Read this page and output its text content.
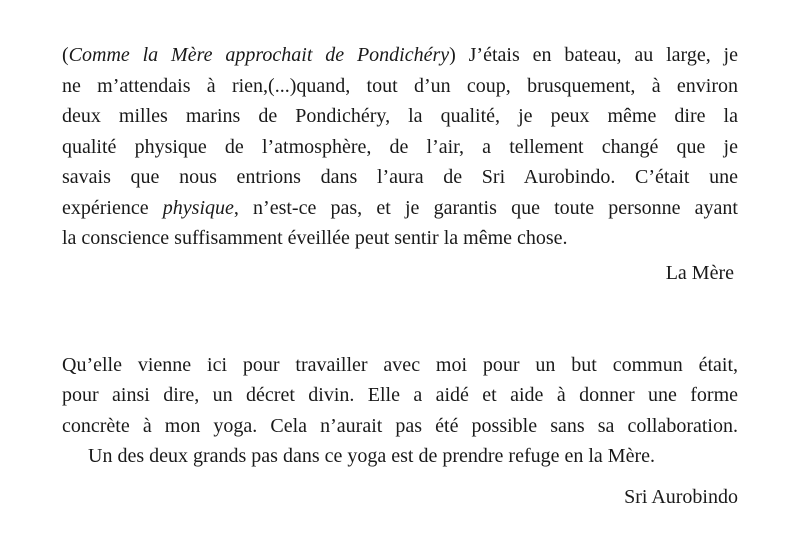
(Comme la Mère approchait de Pondichéry) J’étais en bateau, au large, je
ne m’attendais à rien,(...)quand, tout d’un coup, brusquement, à environ
deux milles marins de Pondichéry, la qualité, je peux même dire la
qualité physique de l’atmosphère, de l’air, a tellement changé que je
savais que nous entrions dans l’aura de Sri Aurobindo. C’était une
expérience physique, n’est-ce pas, et je garantis que toute personne ayant
la conscience suffisamment éveillée peut sentir la même chose.
La Mère
Qu’elle vienne ici pour travailler avec moi pour un but commun était,
pour ainsi dire, un décret divin. Elle a aidé et aide à donner une forme
concrète à mon yoga. Cela n’aurait pas été possible sans sa collaboration.
Un des deux grands pas dans ce yoga est de prendre refuge en la Mère.
Sri Aurobindo
